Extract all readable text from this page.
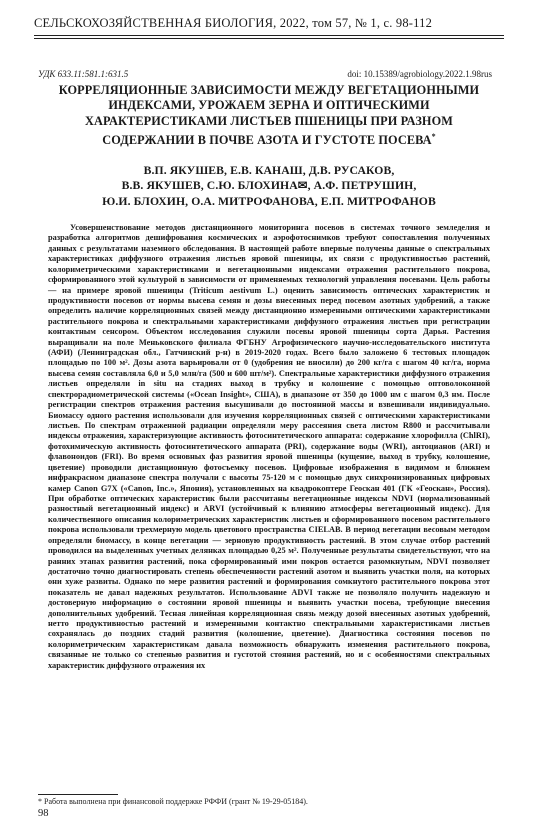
СЕЛЬСКОХОЗЯЙСТВЕННАЯ БИОЛОГИЯ, 2022, том 57, № 1, с. 98-112
УДК 633.11:581.1:631.5	doi: 10.15389/agrobiology.2022.1.98rus
КОРРЕЛЯЦИОННЫЕ ЗАВИСИМОСТИ МЕЖДУ ВЕГЕТАЦИОННЫМИ
ИНДЕКСАМИ, УРОЖАЕМ ЗЕРНА И ОПТИЧЕСКИМИ
ХАРАКТЕРИСТИКАМИ ЛИСТЬЕВ ПШЕНИЦЫ ПРИ РАЗНОМ
СОДЕРЖАНИИ В ПОЧВЕ АЗОТА И ГУСТОТЕ ПОСЕВА*
В.П. ЯКУШЕВ, Е.В. КАНАШ, Д.В. РУСАКОВ,
В.В. ЯКУШЕВ, С.Ю. БЛОХИНА✉, А.Ф. ПЕТРУШИН,
Ю.И. БЛОХИН, О.А. МИТРОФАНОВА, Е.П. МИТРОФАНОВ

Усовершенствование методов дистанционного мониторинга посевов в системах точного земледелия и разработка алгоритмов дешифрования космических и аэрофотоснимков требуют сопоставления полученных данных с результатами наземного обследования. В настоящей работе впервые получены данные о спектральных характеристиках диффузного отражения листьев яровой пшеницы, их связи с продуктивностью растений, колориметрическими характеристиками и вегетационными индексами отражения растительного покрова, сформированного этой культурой в зависимости от применяемых технологий управления посевами. Цель работы — на примере яровой пшеницы (Triticum aestivum L.) оценить зависимость оптических характеристик и продуктивности посевов от нормы высева семян и дозы внесенных перед посевом азотных удобрений, а также определить наличие корреляционных связей между дистанционно измеренными оптическими характеристиками растительного покрова и спектральными характеристиками диффузного отражения листьев при регистрации контактным сенсором. Объектом исследования служили посевы яровой пшеницы сорта Дарья. Растения выращивали на поле Меньковского филиала ФГБНУ Агрофизического научно-исследовательского института (АФИ) (Ленинградская обл., Гатчинский р-н) в 2019-2020 годах. Всего было заложено 6 тестовых площадок площадью по 100 м². Дозы азота варьировали от 0 (удобрения не вносили) до 200 кг/га с шагом 40 кг/га, норма высева семян составляла 6,0 и 5,0 млн/га (500 и 600 шт/м²). Спектральные характеристики диффузного отражения листьев определяли in situ на стадиях выход в трубку и колошение с помощью оптоволоконной спектрорадиометрической системы («Ocean Insight», США), в диапазоне от 350 до 1000 нм с шагом 0,3 нм. После регистрации спектров отражения растения высушивали до постоянной массы и взвешивали индивидуально. Биомассу одного растения использовали для изучения корреляционных связей с оптическими характеристиками листьев. По спектрам отраженной радиации определяли меру рассеяния света листом R800 и рассчитывали индексы отражения, характеризующие активность фотосинтетического аппарата: содержание хлорофилла (ChlRI), фотохимическую активность фотосинтетического аппарата (PRI), содержание воды (WRI), антоцианов (ARI) и флавоноидов (FRI). Во время основных фаз развития яровой пшеницы (кущение, выход в трубку, колошение, цветение) проводили дистанционную фотосъемку посевов. Цифровые изображения в видимом и ближнем инфракрасном диапазоне спектра получали с высоты 75-120 м с помощью двух синхронизированных цифровых камер Canon G7X («Canon, Inc.», Япония), установленных на квадрокоптере Геоскан 401 (ГК «Геоскан», Россия). При обработке оптических характеристик были рассчитаны вегетационные индексы NDVI (нормализованный разностный вегетационный индекс) и ARVI (устойчивый к влиянию атмосферы вегетационный индекс). Для количественного описания колориметрических характеристик листьев и сформированного посевом растительного покрова использовали трехмерную модель цветового пространства CIELAB. В период вегетации весовым методом определяли биомассу, в конце вегетации — зерновую продуктивность растений. В этом случае отбор растений проводился на выделенных учетных делянках площадью 0,25 м². Полученные результаты свидетельствуют, что на ранних этапах развития растений, пока сформированный ими покров остается разомкнутым, NDVI позволяет достаточно точно диагностировать степень обеспеченности растений азотом и выявить участки поля, на которых они хуже развиты. Однако по мере развития растений и формирования сомкнутого растительного покрова этот показатель не давал надежных результатов. Использование ADVI также не позволяло получить надежную и достоверную информацию о состоянии яровой пшеницы и выявить участки посева, требующие внесения дополнительных удобрений. Тесная линейная корреляционная связь между дозой внесенных азотных удобрений, нетто продуктивностью растений и измеренными контактно спектральными характеристиками листьев сохранялась до поздних стадий развития (колошение, цветение). Диагностика состояния посевов по колориметрическим характеристикам давала возможность обнаружить изменения растительного покрова, связанные не только со степенью развития и густотой стояния растений, но и с особенностями спектральных характеристик диффузного отражения их

* Работа выполнена при финансовой поддержке РФФИ (грант № 19-29-05184).
98
